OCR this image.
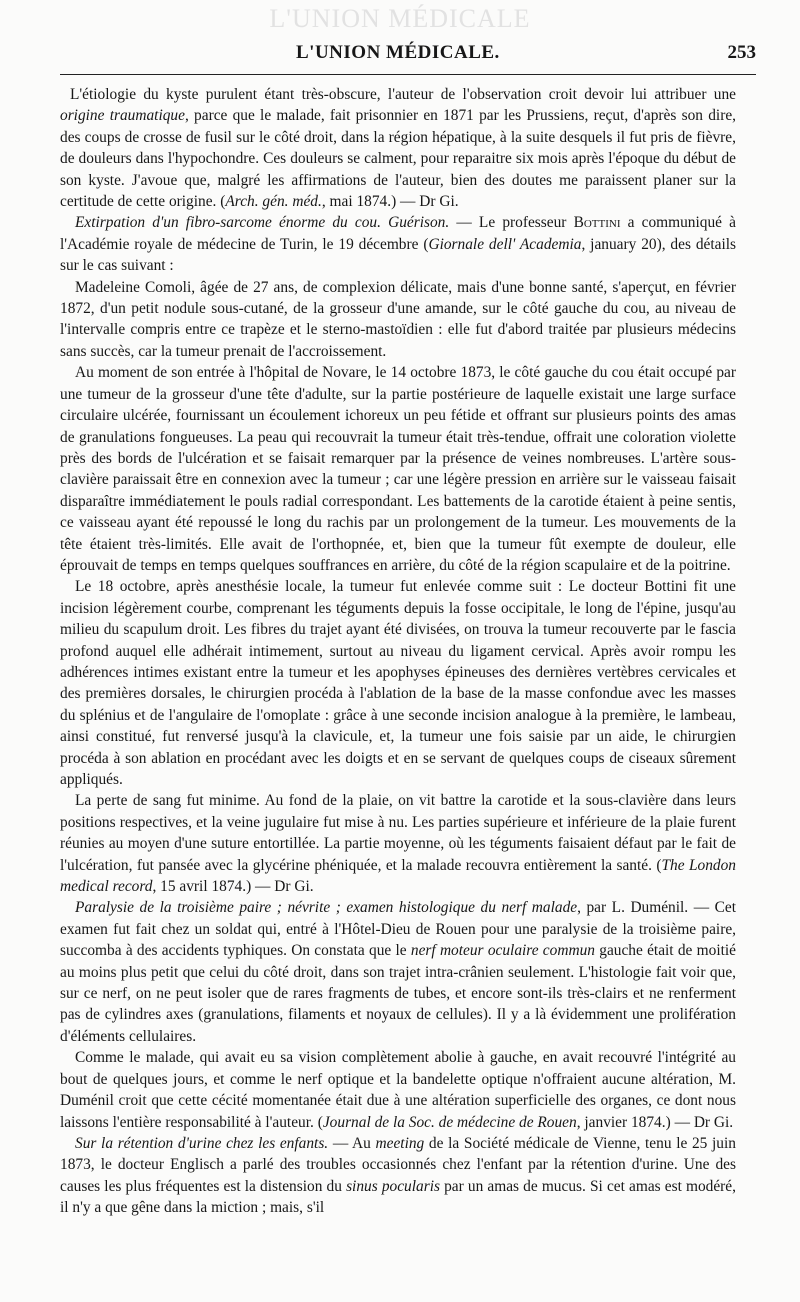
L'UNION MÉDICALE
L'UNION MÉDICALE.	253

L'étiologie du kyste purulent étant très-obscure, l'auteur de l'observation croit devoir lui attribuer une origine traumatique, parce que le malade, fait prisonnier en 1871 par les Prussiens, reçut, d'après son dire, des coups de crosse de fusil sur le côté droit, dans la région hépatique, à la suite desquels il fut pris de fièvre, de douleurs dans l'hypochondre. Ces douleurs se calment, pour reparaitre six mois après l'époque du début de son kyste. J'avoue que, malgré les affirmations de l'auteur, bien des doutes me paraissent planer sur la certitude de cette origine. (Arch. gén. méd., mai 1874.) — Dr Gi.

Extirpation d'un fibro-sarcome énorme du cou. Guérison. — Le professeur Bottini a communiqué à l'Académie royale de médecine de Turin, le 19 décembre (Giornale dell' Academia, january 20), des détails sur le cas suivant :

Madeleine Comoli, âgée de 27 ans, de complexion délicate, mais d'une bonne santé, s'aperçut, en février 1872, d'un petit nodule sous-cutané, de la grosseur d'une amande, sur le côté gauche du cou, au niveau de l'intervalle compris entre ce trapèze et le sterno-mastoïdien : elle fut d'abord traitée par plusieurs médecins sans succès, car la tumeur prenait de l'accroissement.

Au moment de son entrée à l'hôpital de Novare, le 14 octobre 1873, le côté gauche du cou était occupé par une tumeur de la grosseur d'une tête d'adulte, sur la partie postérieure de laquelle existait une large surface circulaire ulcérée, fournissant un écoulement ichoreux un peu fétide et offrant sur plusieurs points des amas de granulations fongueuses. La peau qui recouvrait la tumeur était très-tendue, offrait une coloration violette près des bords de l'ulcération et se faisait remarquer par la présence de veines nombreuses. L'artère sous-clavière paraissait être en connexion avec la tumeur ; car une légère pression en arrière sur le vaisseau faisait disparaître immédiatement le pouls radial correspondant. Les battements de la carotide étaient à peine sentis, ce vaisseau ayant été repoussé le long du rachis par un prolongement de la tumeur. Les mouvements de la tête étaient très-limités. Elle avait de l'orthopnée, et, bien que la tumeur fût exempte de douleur, elle éprouvait de temps en temps quelques souffrances en arrière, du côté de la région scapulaire et de la poitrine.

Le 18 octobre, après anesthésie locale, la tumeur fut enlevée comme suit : Le docteur Bottini fit une incision légèrement courbe, comprenant les téguments depuis la fosse occipitale, le long de l'épine, jusqu'au milieu du scapulum droit. Les fibres du trajet ayant été divisées, on trouva la tumeur recouverte par le fascia profond auquel elle adhérait intimement, surtout au niveau du ligament cervical. Après avoir rompu les adhérences intimes existant entre la tumeur et les apophyses épineuses des dernières vertèbres cervicales et des premières dorsales, le chirurgien procéda à l'ablation de la base de la masse confondue avec les masses du splénius et de l'angulaire de l'omoplate : grâce à une seconde incision analogue à la première, le lambeau, ainsi constitué, fut renversé jusqu'à la clavicule, et, la tumeur une fois saisie par un aide, le chirurgien procéda à son ablation en procédant avec les doigts et en se servant de quelques coups de ciseaux sûrement appliqués.

La perte de sang fut minime. Au fond de la plaie, on vit battre la carotide et la sous-clavière dans leurs positions respectives, et la veine jugulaire fut mise à nu. Les parties supérieure et inférieure de la plaie furent réunies au moyen d'une suture entortillée. La partie moyenne, où les téguments faisaient défaut par le fait de l'ulcération, fut pansée avec la glycérine phéniquée, et la malade recouvra entièrement la santé. (The London medical record, 15 avril 1874.) — Dr Gi.

Paralysie de la troisième paire ; névrite ; examen histologique du nerf malade, par L. Duménil. — Cet examen fut fait chez un soldat qui, entré à l'Hôtel-Dieu de Rouen pour une paralysie de la troisième paire, succomba à des accidents typhiques. On constata que le nerf moteur oculaire commun gauche était de moitié au moins plus petit que celui du côté droit, dans son trajet intra-crânien seulement. L'histologie fait voir que, sur ce nerf, on ne peut isoler que de rares fragments de tubes, et encore sont-ils très-clairs et ne renferment pas de cylindres axes (granulations, filaments et noyaux de cellules). Il y a là évidemment une prolifération d'éléments cellulaires.

Comme le malade, qui avait eu sa vision complètement abolie à gauche, en avait recouvré l'intégrité au bout de quelques jours, et comme le nerf optique et la bandelette optique n'offraient aucune altération, M. Duménil croit que cette cécité momentanée était due à une altération superficielle des organes, ce dont nous laissons l'entière responsabilité à l'auteur. (Journal de la Soc. de médecine de Rouen, janvier 1874.) — Dr Gi.

Sur la rétention d'urine chez les enfants. — Au meeting de la Société médicale de Vienne, tenu le 25 juin 1873, le docteur Englisch a parlé des troubles occasionnés chez l'enfant par la rétention d'urine. Une des causes les plus fréquentes est la distension du sinus pocularis par un amas de mucus. Si cet amas est modéré, il n'y a que gêne dans la miction ; mais, s'il
